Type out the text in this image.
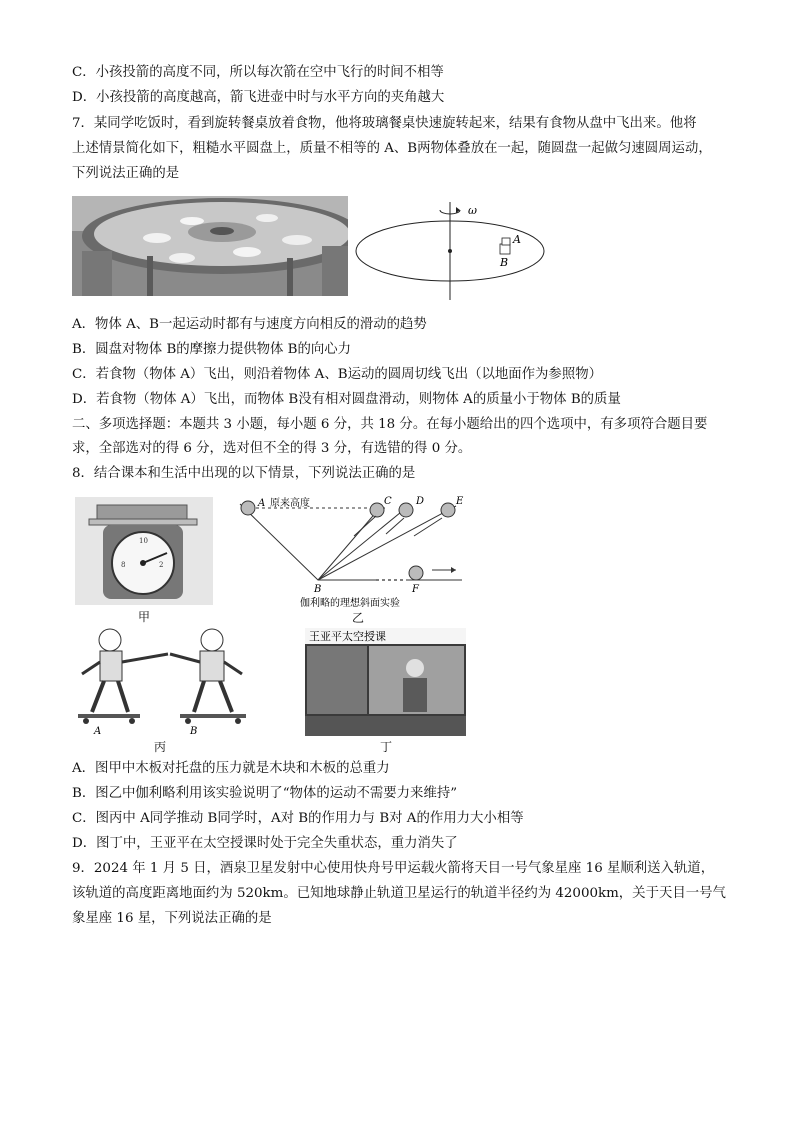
C．小孩投箭的高度不同，所以每次箭在空中飞行的时间不相等
D．小孩投箭的高度越高，箭飞进壶中时与水平方向的夹角越大
7．某同学吃饭时，看到旋转餐桌放着食物，他将玻璃餐桌快速旋转起来，结果有食物从盘中飞出来。他将
上述情景简化如下，粗糙水平圆盘上，质量不相等的 A、B两物体叠放在一起，随圆盘一起做匀速圆周运动，
下列说法正确的是
ω
A
B
A．物体 A、B一起运动时都有与速度方向相反的滑动的趋势
B．圆盘对物体 B的摩擦力提供物体 B的向心力
C．若食物（物体 A）飞出，则沿着物体 A、B运动的圆周切线飞出（以地面作为参照物）
D．若食物（物体 A）飞出，而物体 B没有相对圆盘滑动，则物体 A的质量小于物体 B的质量
二、多项选择题：本题共 3 小题，每小题 6 分，共 18 分。在每小题给出的四个选项中，有多项符合题目要
求，全部选对的得 6 分，选对但不全的得 3 分，有选错的得 0 分。
8．结合课本和生活中出现的以下情景，下列说法正确的是
10
2
8
甲
A 原来高度
B
C D	E
F
伽利略的理想斜面实验
乙
A	B
丙
王亚平太空授课
丁
A．图甲中木板对托盘的压力就是木块和木板的总重力
B．图乙中伽利略利用该实验说明了“物体的运动不需要力来维持”
C．图丙中 A同学推动 B同学时，A对 B的作用力与 B对 A的作用力大小相等
D．图丁中，王亚平在太空授课时处于完全失重状态，重力消失了
9．2024 年 1 月 5 日，酒泉卫星发射中心使用快舟号甲运载火箭将天目一号气象星座 16 星顺利送入轨道，
该轨道的高度距离地面约为 520km。已知地球静止轨道卫星运行的轨道半径约为 42000km，关于天目一号气
象星座 16 星，下列说法正确的是
